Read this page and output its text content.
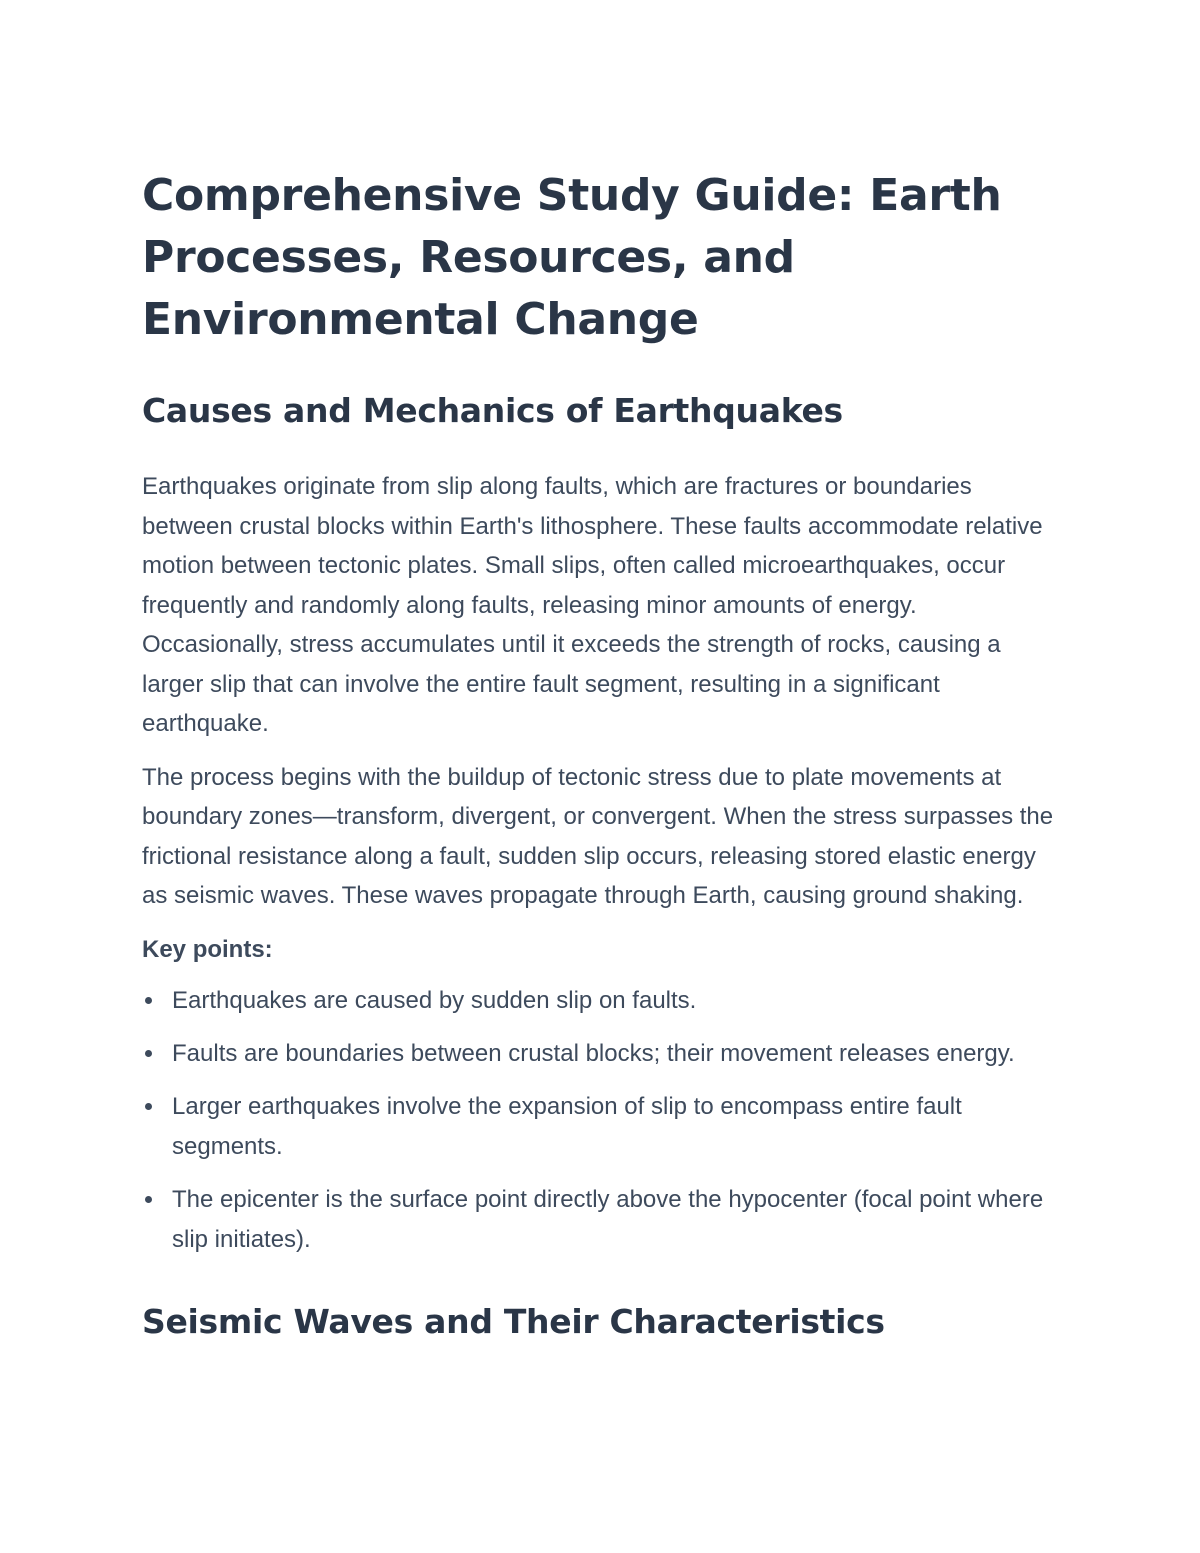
Comprehensive Study Guide: Earth Processes, Resources, and Environmental Change
Causes and Mechanics of Earthquakes

Earthquakes originate from slip along faults, which are fractures or boundaries between crustal blocks within Earth's lithosphere. These faults accommodate relative motion between tectonic plates. Small slips, often called microearthquakes, occur frequently and randomly along faults, releasing minor amounts of energy. Occasionally, stress accumulates until it exceeds the strength of rocks, causing a larger slip that can involve the entire fault segment, resulting in a significant earthquake.

The process begins with the buildup of tectonic stress due to plate movements at boundary zones—transform, divergent, or convergent. When the stress surpasses the frictional resistance along a fault, sudden slip occurs, releasing stored elastic energy as seismic waves. These waves propagate through Earth, causing ground shaking.

Key points:

Earthquakes are caused by sudden slip on faults.
Faults are boundaries between crustal blocks; their movement releases energy.
Larger earthquakes involve the expansion of slip to encompass entire fault segments.
The epicenter is the surface point directly above the hypocenter (focal point where slip initiates).
Seismic Waves and Their Characteristics
